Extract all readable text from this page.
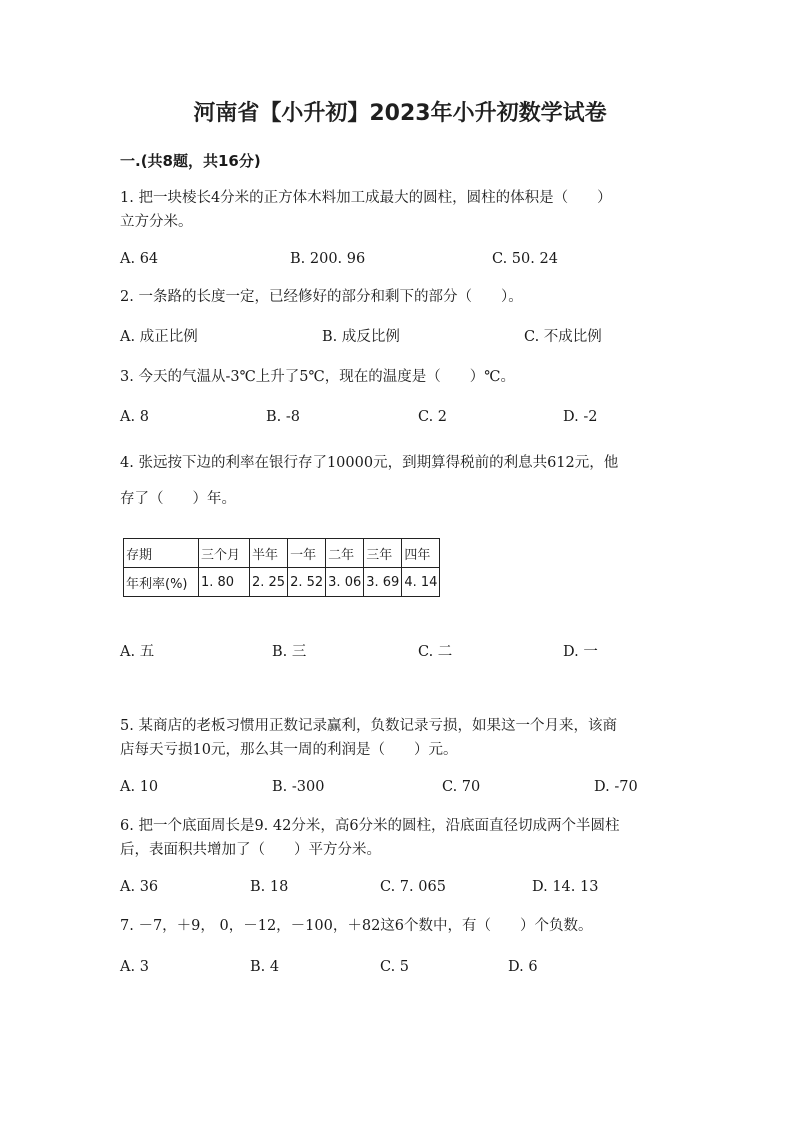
河南省【小升初】2023年小升初数学试卷
一.(共8题，共16分)
1. 把一块棱长4分米的正方体木料加工成最大的圆柱，圆柱的体积是（　　）
立方分米。
A. 64	B. 200. 96	C. 50. 24
2. 一条路的长度一定，已经修好的部分和剩下的部分（　　）。
A. 成正比例	B. 成反比例	C. 不成比例
3. 今天的气温从-3℃上升了5℃，现在的温度是（　　）℃。
A. 8	B. -8	C. 2	D. -2
4. 张远按下边的利率在银行存了10000元，到期算得税前的利息共612元，他
存了（　　）年。
存期	三个月	半年	一年	二年	三年	四年
年利率(%)	1. 80	2. 25	2. 52	3. 06	3. 69	4. 14
A. 五	B. 三	C. 二	D. 一
5. 某商店的老板习惯用正数记录赢利，负数记录亏损，如果这一个月来，该商
店每天亏损10元，那么其一周的利润是（　　）元。
A. 10	B. -300	C. 70	D. -70
6. 把一个底面周长是9. 42分米，高6分米的圆柱，沿底面直径切成两个半圆柱
后，表面积共增加了（　　）平方分米。
A. 36	B. 18	C. 7. 065	D. 14. 13
7. －7，＋9， 0，－12，－100，＋82这6个数中，有（　　）个负数。
A. 3	B. 4	C. 5	D. 6
